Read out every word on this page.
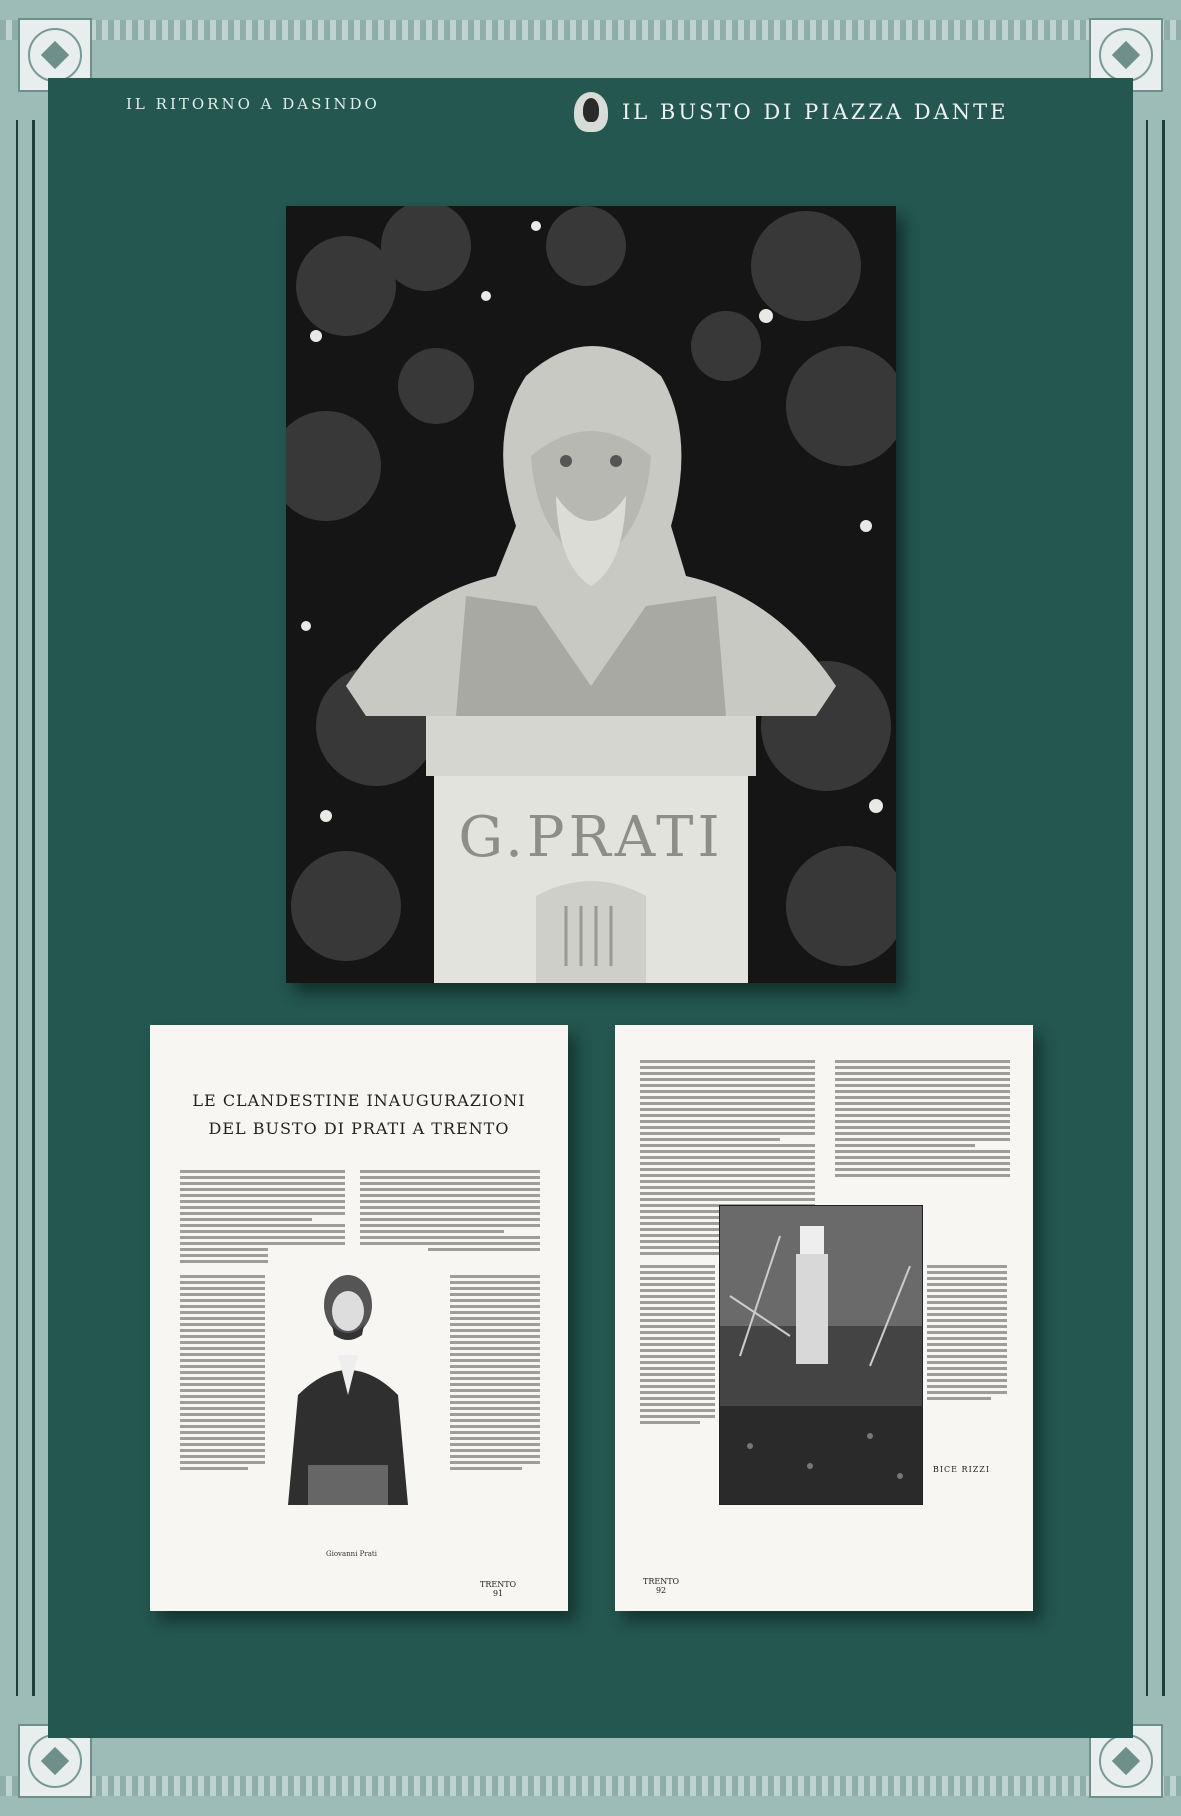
IL RITORNO A DASINDO	IL BUSTO DI PIAZZA DANTE
G.PRATI
LE CLANDESTINE INAUGURAZIONI
DEL BUSTO DI PRATI A TRENTO
Giovanni Prati
TRENTO
91
BICE RIZZI
TRENTO
92
